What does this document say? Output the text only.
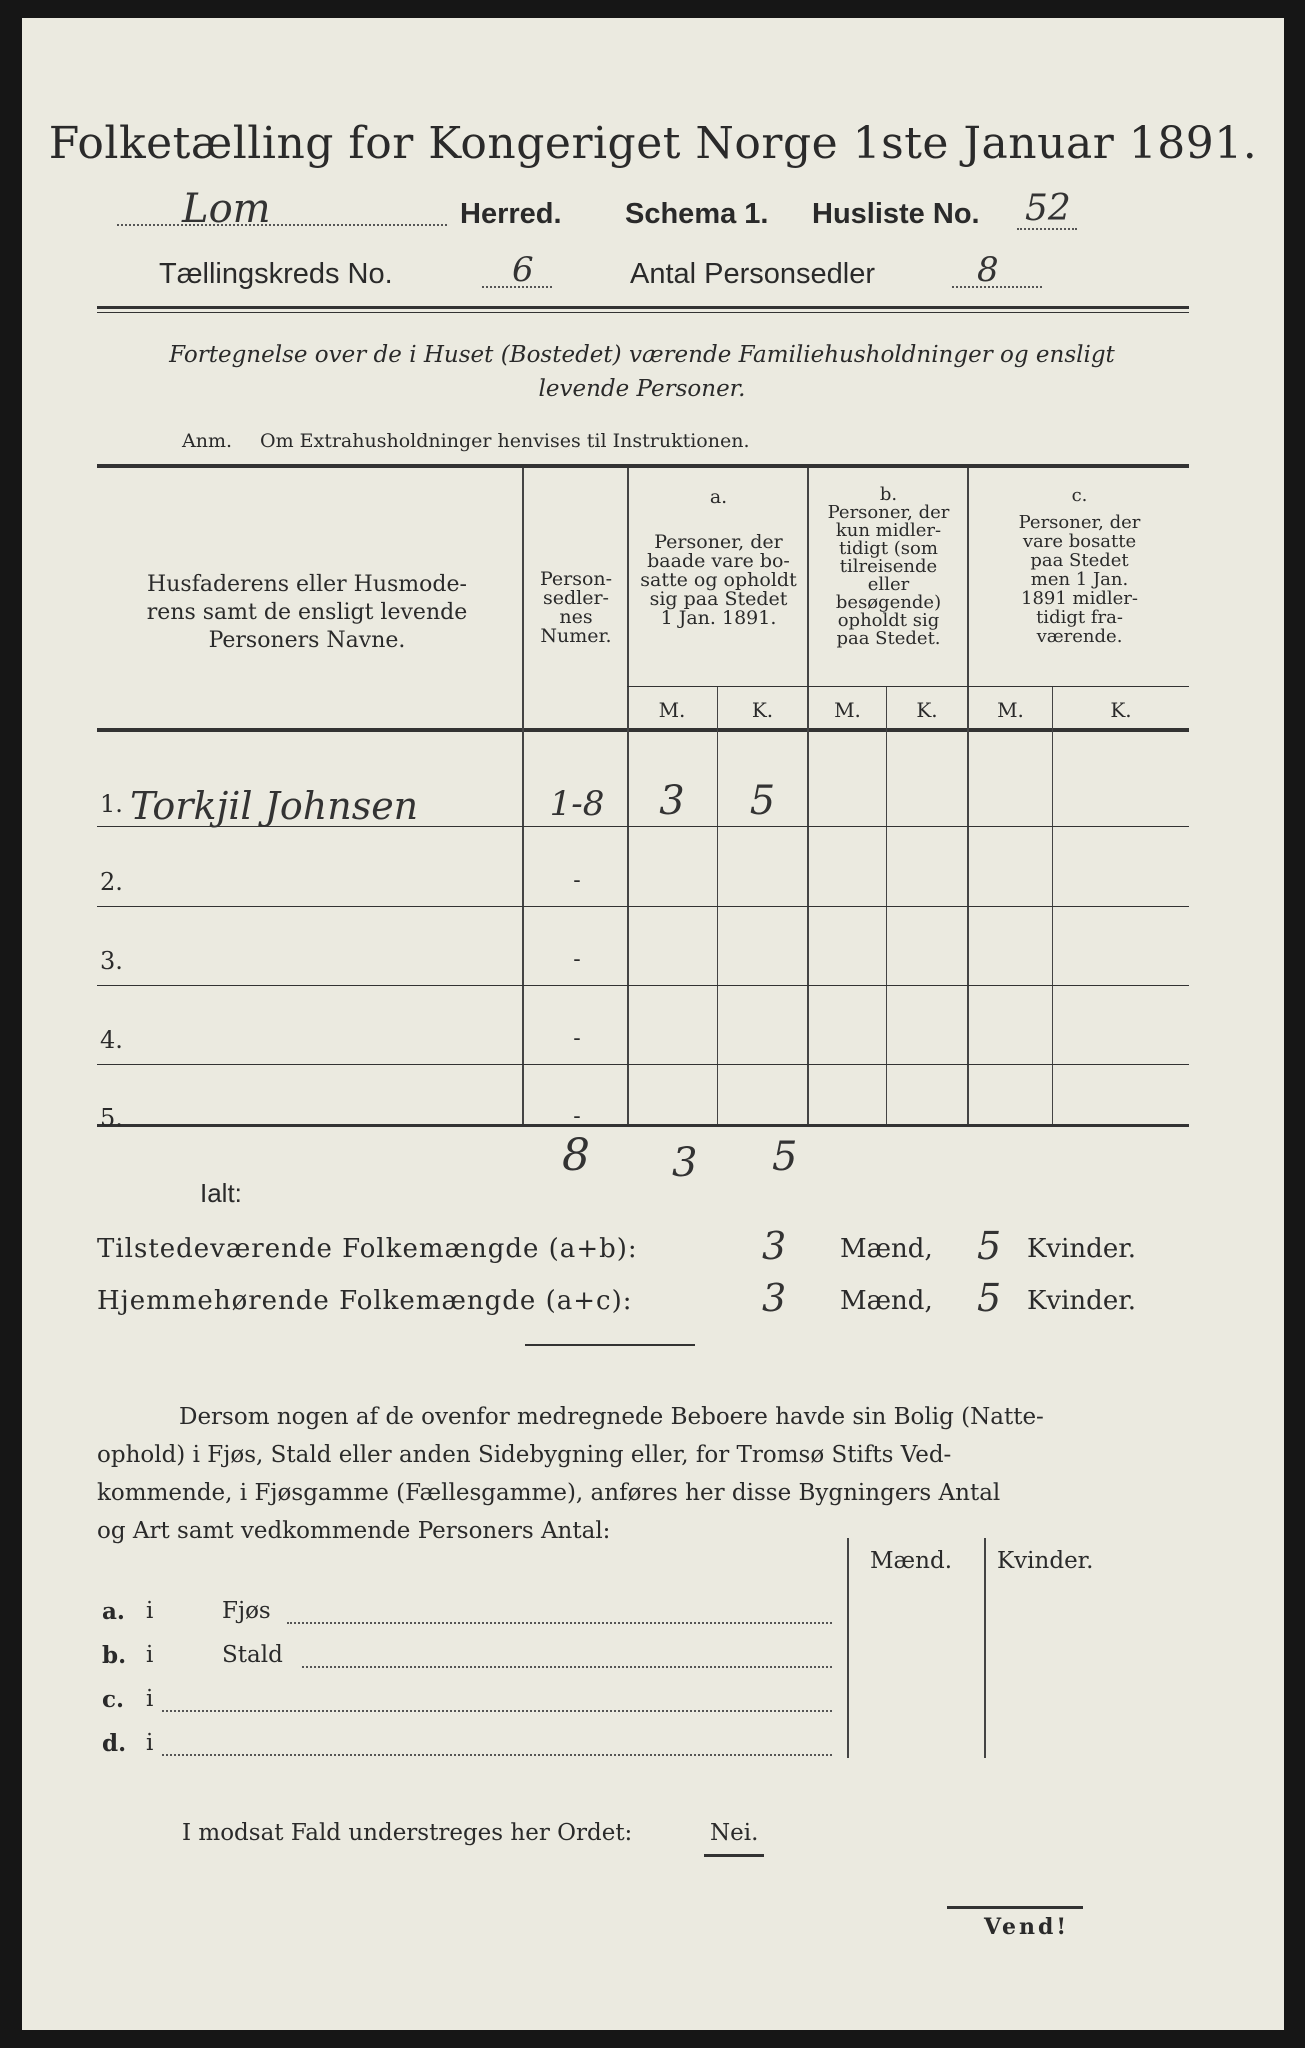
Folketælling for Kongeriget Norge 1ste Januar 1891.
Lom	Herred. Schema 1. Husliste No. 52
Tællingskreds No.	6	Antal Personsedler	8
Fortegnelse over de i Huset (Bostedet) værende Familiehusholdninger og ensligt
levende Personer.
Anm. Om Extrahusholdninger henvises til Instruktionen.
Husfaderens eller Husmode-
rens samt de ensligt levende
Personers Navne.
Person-
sedler-
nes
Numer.
a.
Personer, der
baade vare bo-
satte og opholdt
sig paa Stedet
1 Jan. 1891.
b.
Personer, der
kun midler-
tidigt (som
tilreisende
eller
besøgende)
opholdt sig
paa Stedet.
c.
Personer, der
vare bosatte
paa Stedet
men 1 Jan.
1891 midler-
tidigt fra-
værende.
M.	K.	M.	K.	M.	K.
1. Torkjil Johnsen	1-8	3	5
2.	-
3.	-
4.	-
5.	-
Ialt:
8 3 5
Tilstedeværende Folkemængde (a+b):	3 Mænd, 5 Kvinder.
Hjemmehørende Folkemængde (a+c):	3 Mænd, 5 Kvinder.
Dersom nogen af de ovenfor medregnede Beboere havde sin Bolig (Natte-
ophold) i Fjøs, Stald eller anden Sidebygning eller, for Tromsø Stifts Ved-
kommende, i Fjøsgamme (Fællesgamme), anføres her disse Bygningers Antal
og Art samt vedkommende Personers Antal:
Mænd. Kvinder.
a. i	Fjøs
b. i	Stald
c. i
d. i
I modsat Fald understreges her Ordet:	Nei.
Vend!
